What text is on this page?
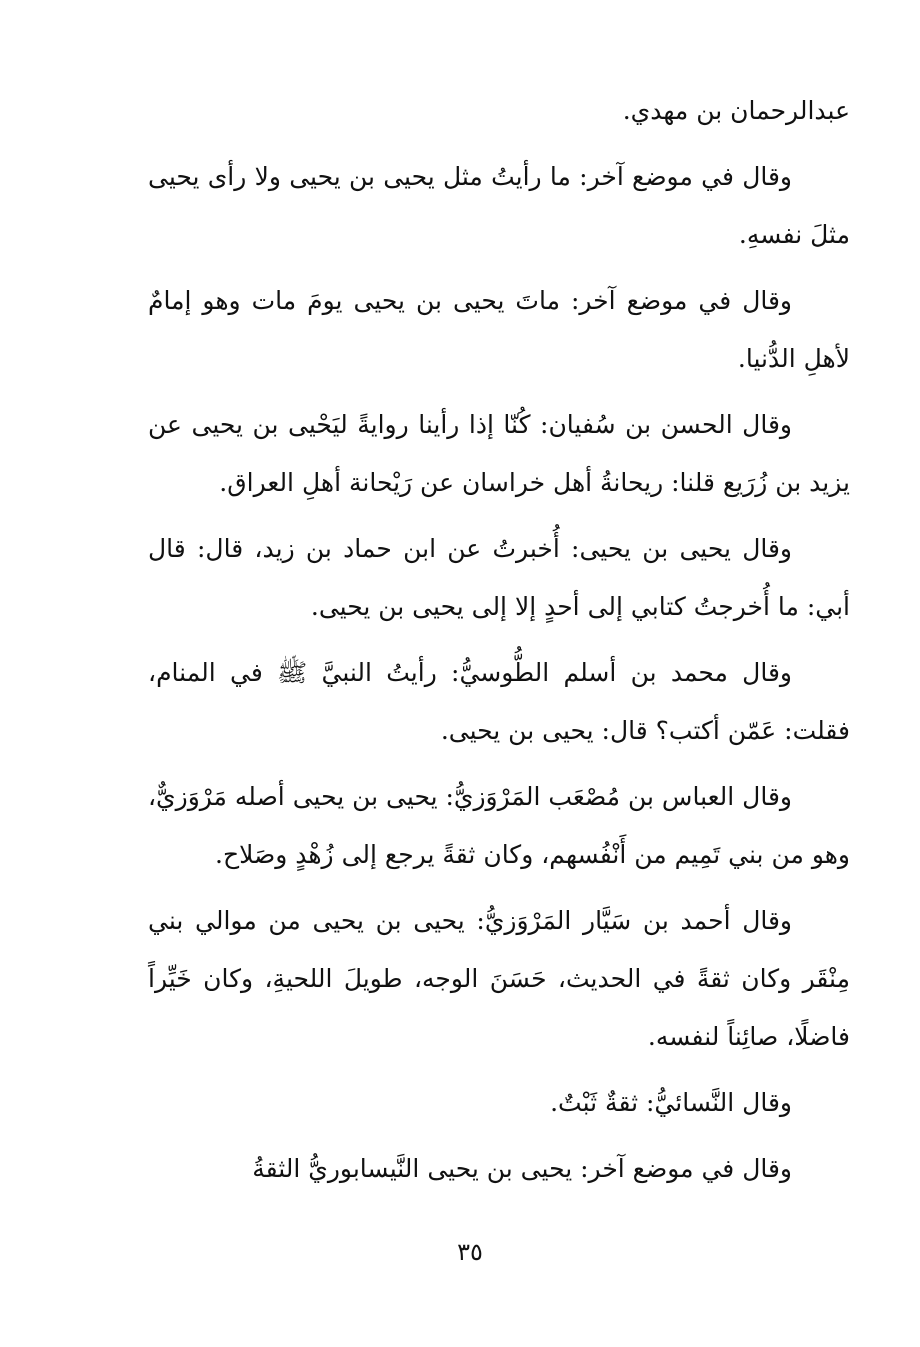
عبدالرحمان بن مهدي.

وقال في موضع آخر: ما رأيتُ مثل يحيى بن يحيى ولا رأى يحيى مثلَ نفسهِ.

وقال في موضع آخر: ماتَ يحيى بن يحيى يومَ مات وهو إمامٌ لأهلِ الدُّنيا.

وقال الحسن بن سُفيان: كُنّا إذا رأينا روايةً ليَحْيى بن يحيى عن يزيد بن زُرَيع قلنا: ريحانةُ أهل خراسان عن رَيْحانة أهلِ العراق.

وقال يحيى بن يحيى: أُخبرتُ عن ابن حماد بن زيد، قال: قال أبي: ما أُخرجتُ كتابي إلى أحدٍ إلا إلى يحيى بن يحيى.

وقال محمد بن أسلم الطُّوسيُّ: رأيتُ النبيَّ ﷺ في المنام، فقلت: عَمّن أكتب؟ قال: يحيى بن يحيى.

وقال العباس بن مُصْعَب المَرْوَزيُّ: يحيى بن يحيى أصله مَرْوَزيٌّ، وهو من بني تَمِيم من أَنْفُسهم، وكان ثقةً يرجع إلى زُهْدٍ وصَلاح.

وقال أحمد بن سَيَّار المَرْوَزيُّ: يحيى بن يحيى من موالي بني مِنْقَر وكان ثقةً في الحديث، حَسَنَ الوجه، طويلَ اللحيةِ، وكان خَيِّراً فاضلًا، صائِناً لنفسه.

وقال النَّسائيُّ: ثقةٌ ثَبْتٌ.

وقال في موضع آخر: يحيى بن يحيى النَّيسابوريُّ الثقةُ

٣٥
